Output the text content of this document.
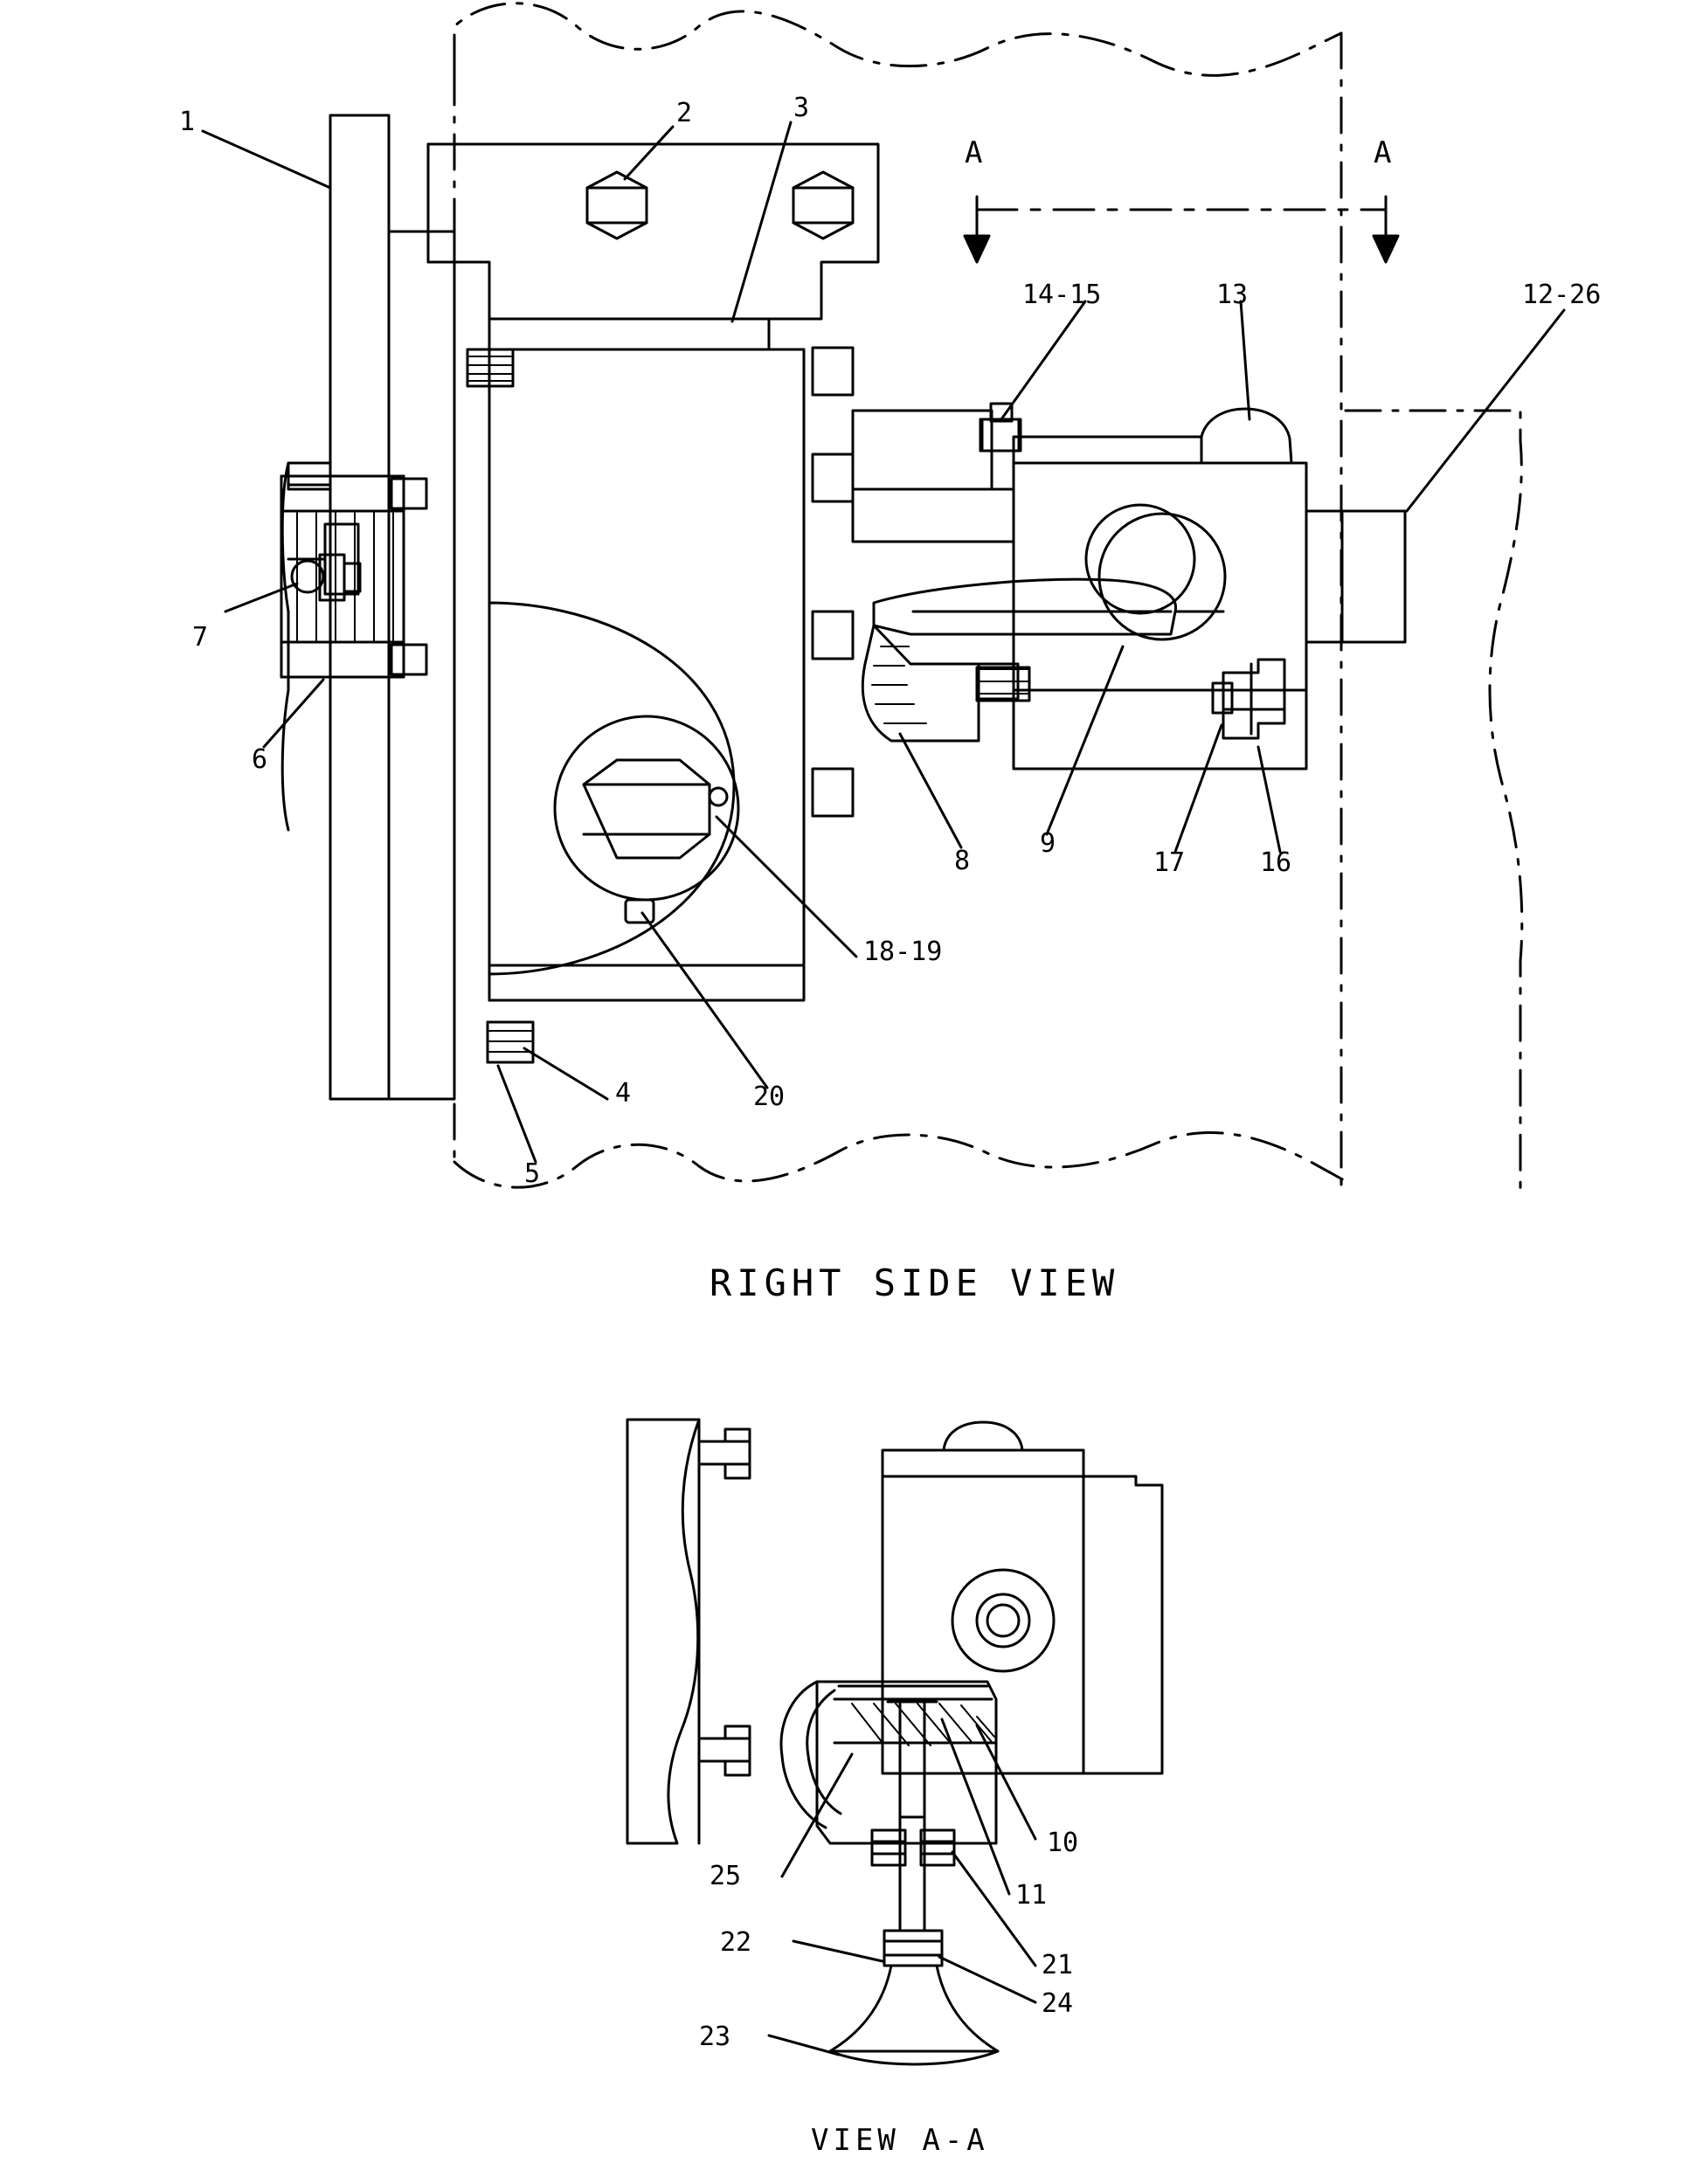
1	2	3
4
5
6
7
8
9
14-15	13	12-26
16
17
18-19
20
A	A
RIGHT SIDE VIEW
VIEW A-A
10
11
21
22
23
24
25
